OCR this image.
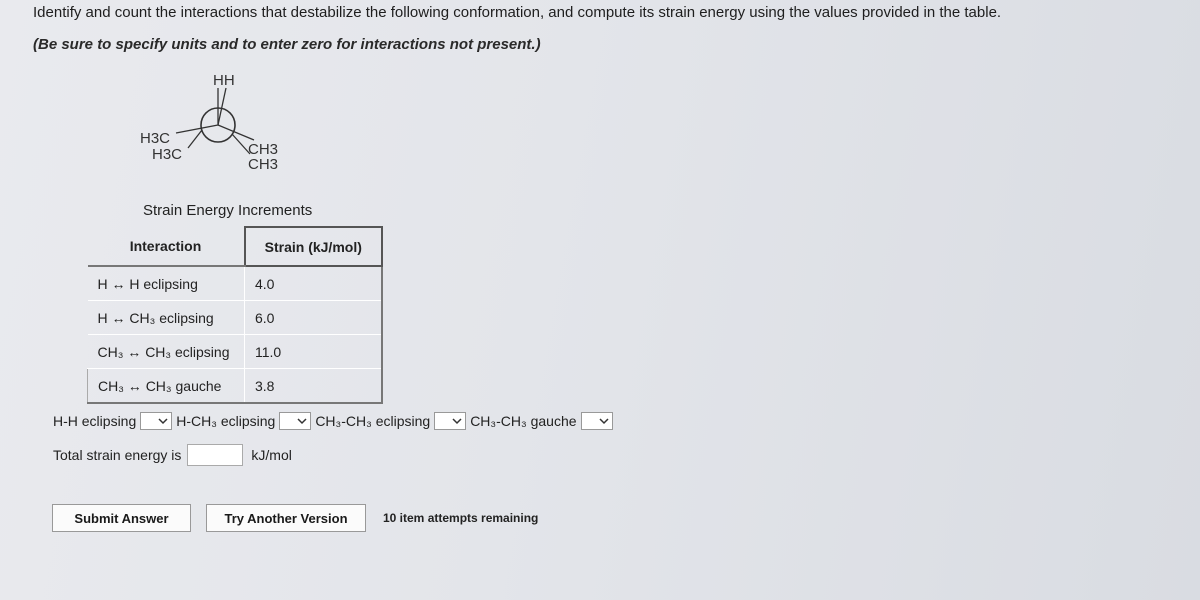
Identify and count the interactions that destabilize the following conformation, and compute its strain energy using the values provided in the table.
(Be sure to specify units and to enter zero for interactions not present.)
HH
H3C
H3C	CH3
CH3
Strain Energy Increments
Interaction	Strain (kJ/mol)
H ↔ H eclipsing	4.0
H ↔ CH₃ eclipsing	6.0
CH₃ ↔ CH₃ eclipsing	11.0
CH₃ ↔ CH₃ gauche	3.8
H-H eclipsing	H-CH₃ eclipsing	CH₃-CH₃ eclipsing	CH₃-CH₃ gauche
Total strain energy is	kJ/mol
Submit Answer	Try Another Version	10 item attempts remaining
